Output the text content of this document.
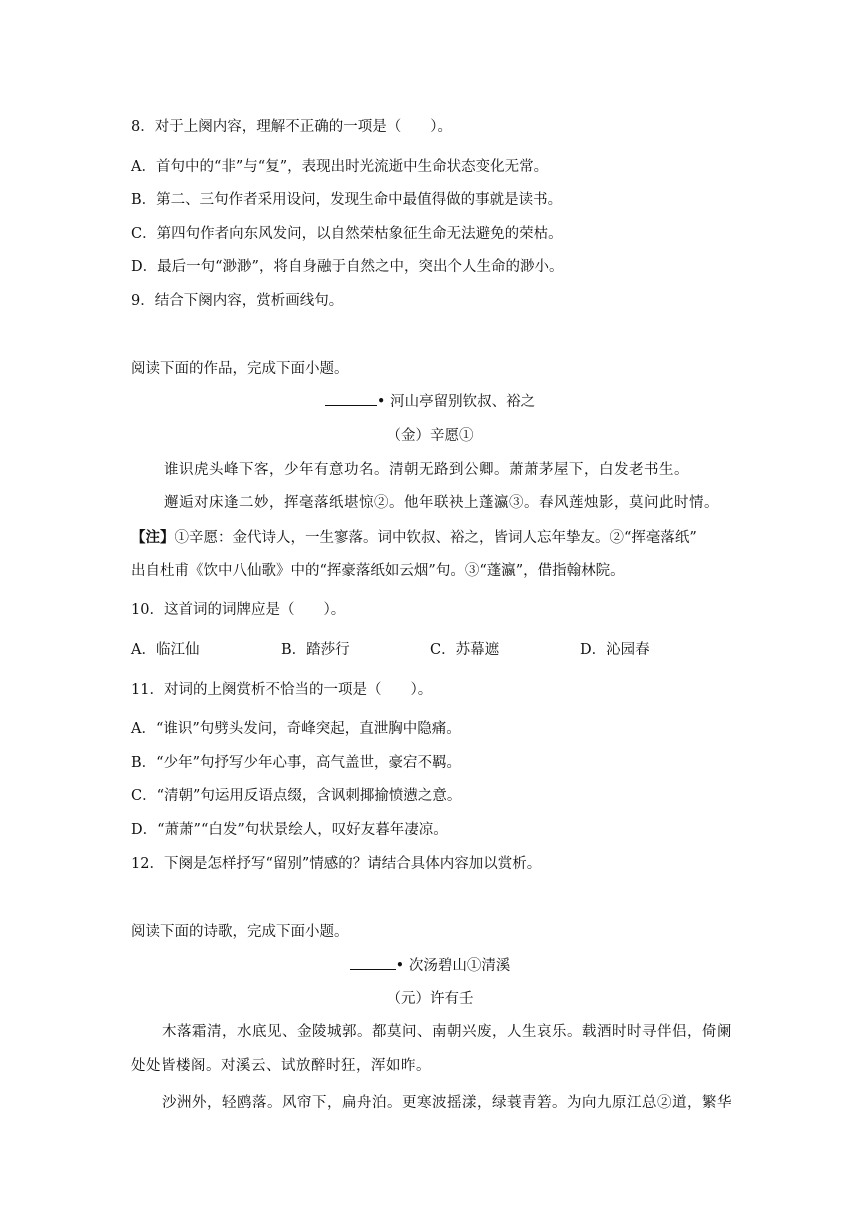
8．对于上阕内容，理解不正确的一项是（　　）。
A．首句中的“非”与“复”，表现出时光流逝中生命状态变化无常。
B．第二、三句作者采用设问，发现生命中最值得做的事就是读书。
C．第四句作者向东风发问，以自然荣枯象征生命无法避免的荣枯。
D．最后一句“渺渺”，将自身融于自然之中，突出个人生命的渺小。
9．结合下阕内容，赏析画线句。
阅读下面的作品，完成下面小题。
• 河山亭留别钦叔、裕之
（金）辛愿①
谁识虎头峰下客，少年有意功名。清朝无路到公卿。萧萧茅屋下，白发老书生。
邂逅对床逢二妙，挥毫落纸堪惊②。他年联袂上蓬瀛③。春风莲烛影，莫问此时情。
【注】①辛愿：金代诗人，一生寥落。词中钦叔、裕之，皆词人忘年挚友。②“挥毫落纸”
出自杜甫《饮中八仙歌》中的“挥豪落纸如云烟”句。③“蓬瀛”，借指翰林院。
10．这首词的词牌应是（　　）。
A．临江仙	B．踏莎行	C．苏幕遮	D．沁园春
11．对词的上阕赏析不恰当的一项是（　　）。
A．“谁识”句劈头发问，奇峰突起，直泄胸中隐痛。
B．“少年”句抒写少年心事，高气盖世，豪宕不羁。
C．“清朝”句运用反语点缀，含讽刺揶揄愤懑之意。
D．“萧萧”“白发”句状景绘人，叹好友暮年凄凉。
12．下阕是怎样抒写“留别”情感的？请结合具体内容加以赏析。
阅读下面的诗歌，完成下面小题。
• 次汤碧山①清溪
（元）许有壬
木落霜清，水底见、金陵城郭。都莫问、南朝兴废，人生哀乐。载酒时时寻伴侣，倚阑
处处皆楼阁。对溪云、试放醉时狂，浑如昨。
沙洲外，轻鸥落。风帘下，扁舟泊。更寒波摇漾，绿蓑青箬。为向九原江总②道，繁华
